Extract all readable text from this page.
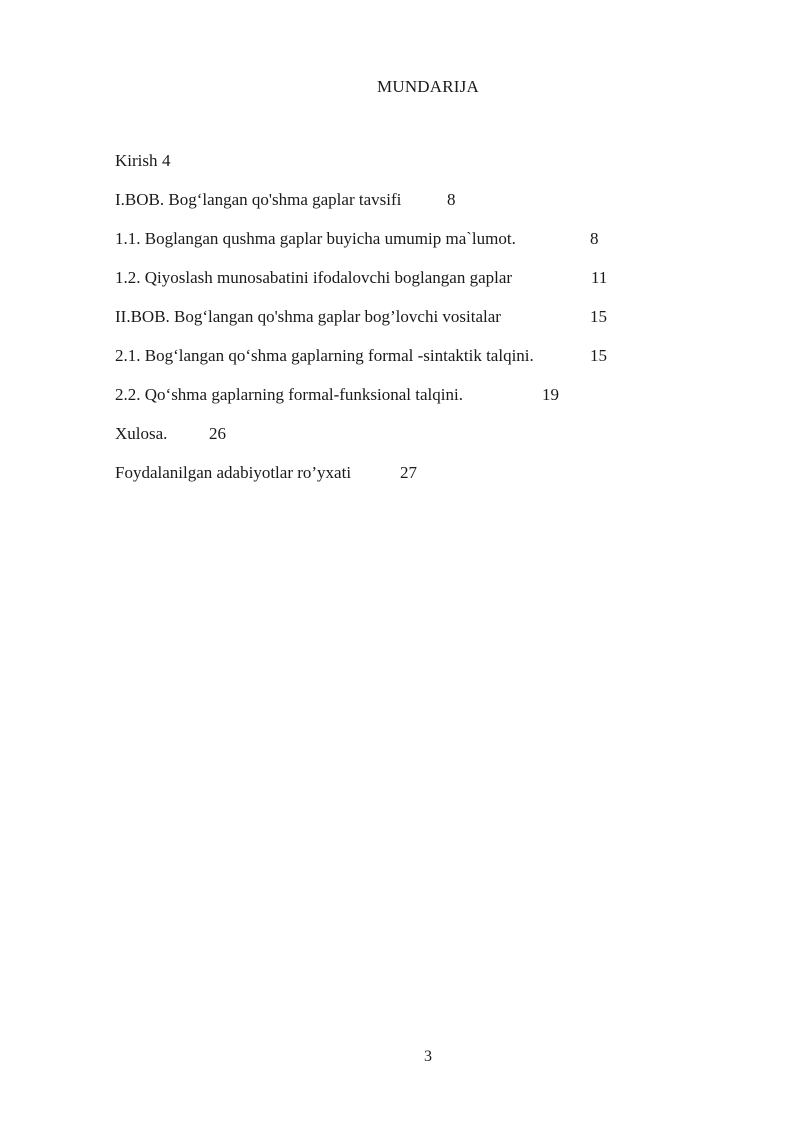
MUNDARIJA
Kirish 4
I.BOB. Bog‘langan qo'shma gaplar tavsifi	8
1.1. Boglangan qushma gaplar buyicha umumip ma`lumot.	8
1.2. Qiyoslash munosabatini ifodalovchi boglangan gaplar	11
II.BOB. Bog‘langan qo'shma gaplar bog’lovchi vositalar	15
2.1. Bog‘langan qo‘shma gaplarning formal -sintaktik talqini.	15
2.2. Qo‘shma gaplarning formal-funksional talqini.	19
Xulosa. 26
Foydalanilgan adabiyotlar ro’yxati	27
3
